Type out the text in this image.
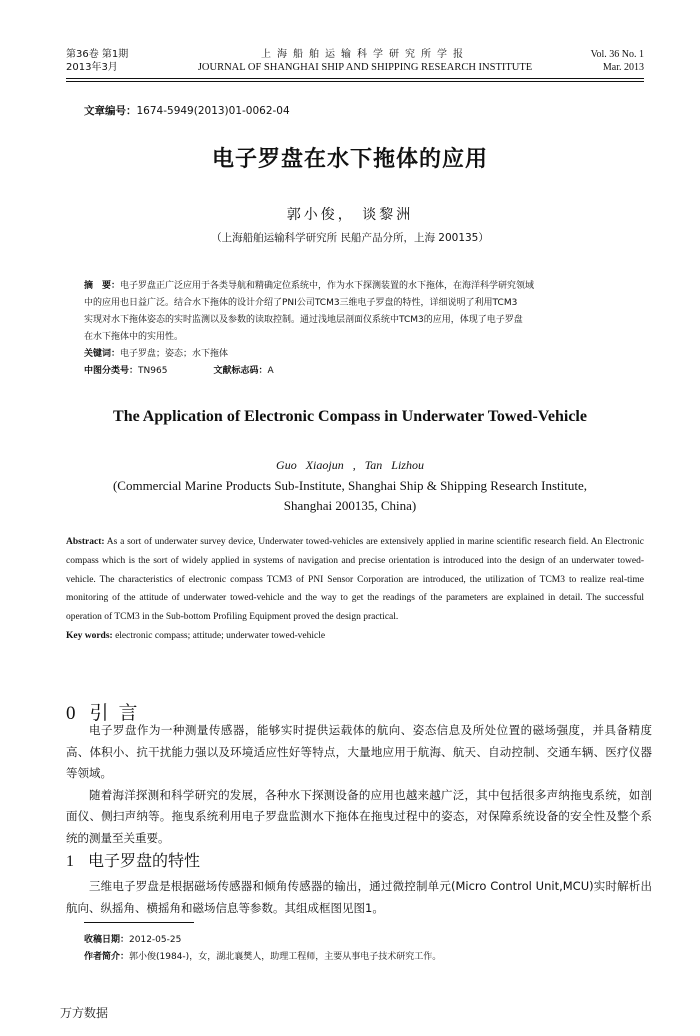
第36卷 第1期
2013年3月
上海船舶运输科学研究所学报
JOURNAL OF SHANGHAI SHIP AND SHIPPING RESEARCH INSTITUTE
Vol. 36 No. 1
Mar. 2013
文章编号：1674-5949(2013)01-0062-04
电子罗盘在水下拖体的应用
郭小俊， 谈黎洲
（上海船舶运输科学研究所 民船产品分所，上海 200135）
摘　要：电子罗盘正广泛应用于各类导航和精确定位系统中，作为水下探测装置的水下拖体，在海洋科学研究领域
中的应用也日益广泛。结合水下拖体的设计介绍了PNI公司TCM3三维电子罗盘的特性，详细说明了利用TCM3
实现对水下拖体姿态的实时监测以及参数的读取控制。通过浅地层剖面仪系统中TCM3的应用，体现了电子罗盘
在水下拖体中的实用性。
关键词：电子罗盘；姿态；水下拖体
中图分类号：TN965	文献标志码：A
The Application of Electronic Compass in Underwater Towed-Vehicle
Guo Xiaojun , Tan Lizhou
(Commercial Marine Products Sub-Institute, Shanghai Ship & Shipping Research Institute,
Shanghai 200135, China)
Abstract: As a sort of underwater survey device, Underwater towed-vehicles are extensively applied in marine scientific research field. An Electronic compass which is the sort of widely applied in systems of navigation and precise orientation is introduced into the design of an underwater towed-vehicle. The characteristics of electronic compass TCM3 of PNI Sensor Corporation are introduced, the utilization of TCM3 to realize real-time monitoring of the attitude of underwater towed-vehicle and the way to get the readings of the parameters are explained in detail. The successful operation of TCM3 in the Sub-bottom Profiling Equipment proved the design practical.
Key words: electronic compass; attitude; underwater towed-vehicle
0 引言

电子罗盘作为一种测量传感器，能够实时提供运载体的航向、姿态信息及所处位置的磁场强度，并具备精度高、体积小、抗干扰能力强以及环境适应性好等特点，大量地应用于航海、航天、自动控制、交通车辆、医疗仪器等领域。

随着海洋探测和科学研究的发展，各种水下探测设备的应用也越来越广泛，其中包括很多声纳拖曳系统，如剖面仪、侧扫声纳等。拖曳系统利用电子罗盘监测水下拖体在拖曳过程中的姿态，对保障系统设备的安全性及整个系统的测量至关重要。

1 电子罗盘的特性

三维电子罗盘是根据磁场传感器和倾角传感器的输出，通过微控制单元(Micro Control Unit,MCU)实时解析出航向、纵摇角、横摇角和磁场信息等参数。其组成框图见图1。

收稿日期：2012-05-25
作者简介：郭小俊(1984-)，女，湖北襄樊人，助理工程师，主要从事电子技术研究工作。
万方数据
